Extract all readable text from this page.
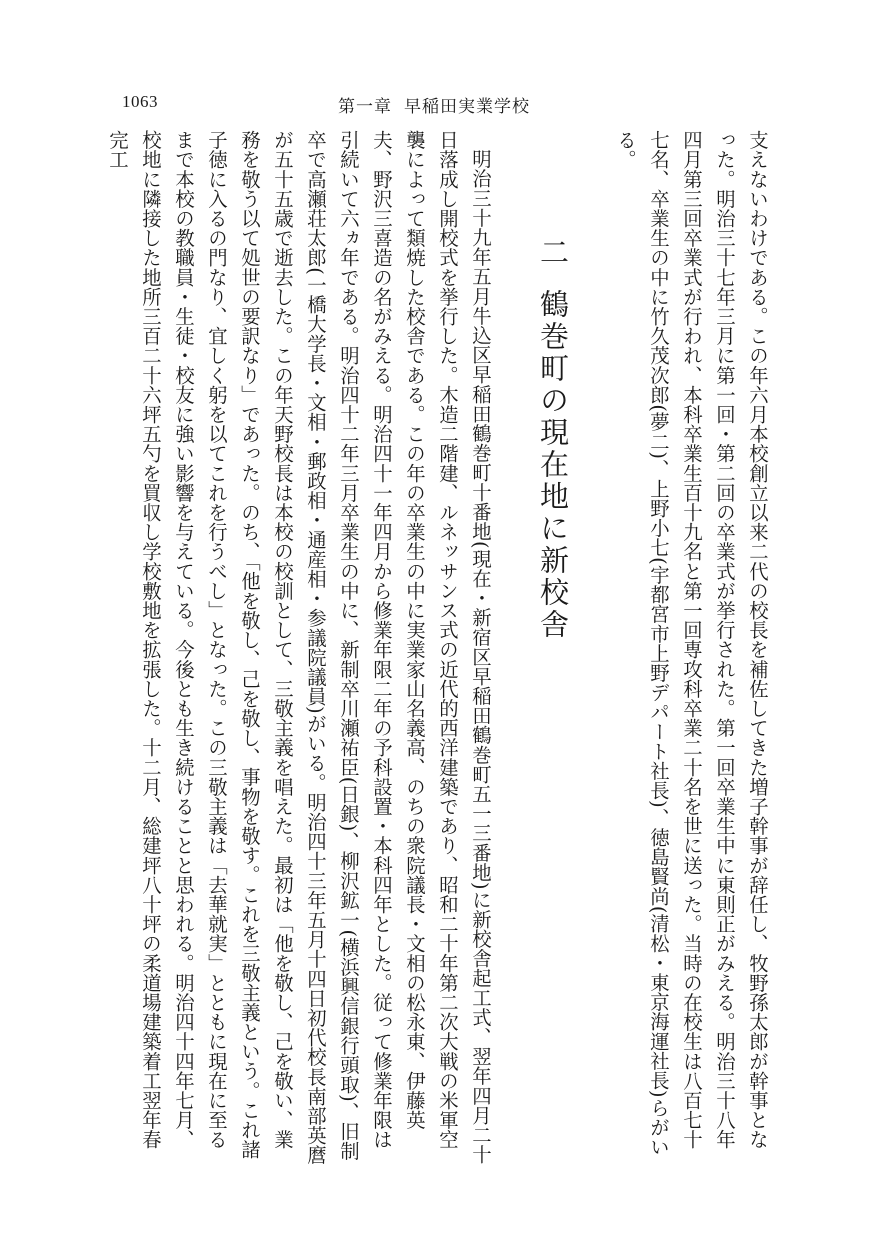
1063	第一章 早稲田実業学校

支えないわけである。この年六月本校創立以来二代の校長を補佐してきた増子幹事が辞任し、牧野孫太郎が幹事となった。明治三十七年三月に第一回・第二回の卒業式が挙行された。第一回卒業生中に東則正がみえる。明治三十八年四月第三回卒業式が行われ、本科卒業生百十九名と第一回専攻科卒業二十名を世に送った。当時の在校生は八百七十七名、卒業生の中に竹久茂次郎(夢二)、上野小七(宇都宮市上野デパート社長)、徳島賢尚(清松・東京海運社長)らがいる。

二鶴巻町の現在地に新校舎

明治三十九年五月牛込区早稲田鶴巻町十番地(現在・新宿区早稲田鶴巻町五一三番地)に新校舎起工式、翌年四月二十日落成し開校式を挙行した。木造二階建、ルネッサンス式の近代的西洋建築であり、昭和二十年第二次大戦の米軍空襲によって類焼した校舎である。この年の卒業生の中に実業家山名義高、のちの衆院議長・文相の松永東、伊藤英夫、野沢三喜造の名がみえる。明治四十一年四月から修業年限二年の予科設置・本科四年とした。従って修業年限は引続いて六ヵ年である。明治四十二年三月卒業生の中に、新制卒川瀬祐臣(日銀)、柳沢鉱一(横浜興信銀行頭取)、旧制卒で高瀬荘太郎(一橋大学長・文相・郵政相・通産相・参議院議員)がいる。明治四十三年五月十四日初代校長南部英麿が五十五歳で逝去した。この年天野校長は本校の校訓として、三敬主義を唱えた。最初は「他を敬し、己を敬い、業務を敬う以て処世の要訳なり」であった。のち、「他を敬し、己を敬し、事物を敬す。これを三敬主義という。これ諸子徳に入るの門なり、宜しく躬を以てこれを行うべし」となった。この三敬主義は「去華就実」とともに現在に至るまで本校の教職員・生徒・校友に強い影響を与えている。今後とも生き続けることと思われる。明治四十四年七月、校地に隣接した地所三百二十六坪五勺を買収し学校敷地を拡張した。十二月、総建坪八十坪の柔道場建築着工翌年春完工
